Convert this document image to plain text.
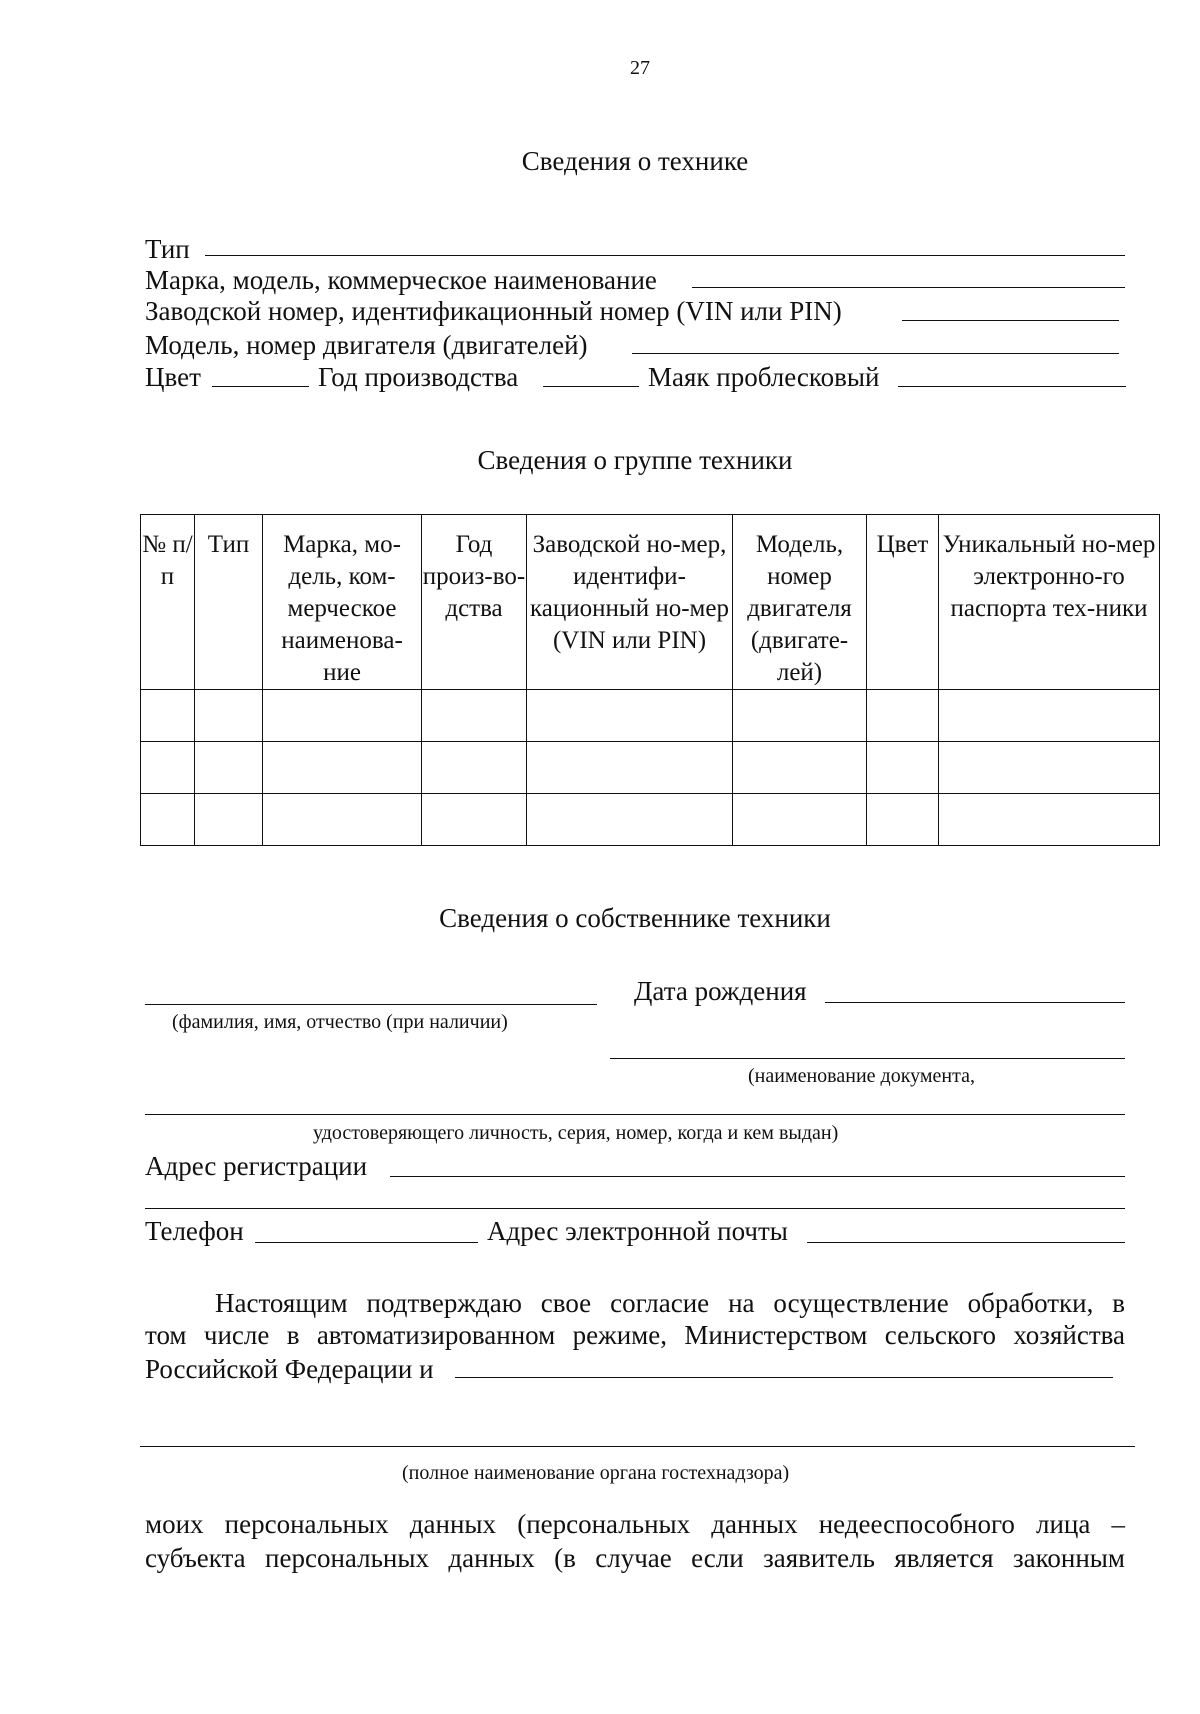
27
Сведения о технике
Тип
Марка, модель, коммерческое наименование
Заводской номер, идентификационный номер (VIN или PIN)
Модель, номер двигателя (двигателей)
Цвет	Год производства	Маяк проблесковый
Сведения о группе техники
№ п/п	Тип	Марка, мо-дель, ком-мерческое наименова-ние	Год произ-во-дства	Заводской но-мер, идентифи-кационный но-мер (VIN или PIN)	Модель, номер двигателя (двигате-лей)	Цвет	Уникальный но-мер электронно-го паспорта тех-ники

Сведения о собственнике техники
(фамилия, имя, отчество (при наличии)
Дата рождения
(наименование документа,
удостоверяющего личность, серия, номер, когда и кем выдан)
Адрес регистрации
Телефон	Адрес электронной почты
Настоящим подтверждаю свое согласие на осуществление обработки, в
том числе в автоматизированном режиме, Министерством сельского хозяйства
Российской Федерации и
(полное наименование органа гостехнадзора)
моих персональных данных (персональных данных недееспособного лица –
субъекта персональных данных (в случае если заявитель является законным
